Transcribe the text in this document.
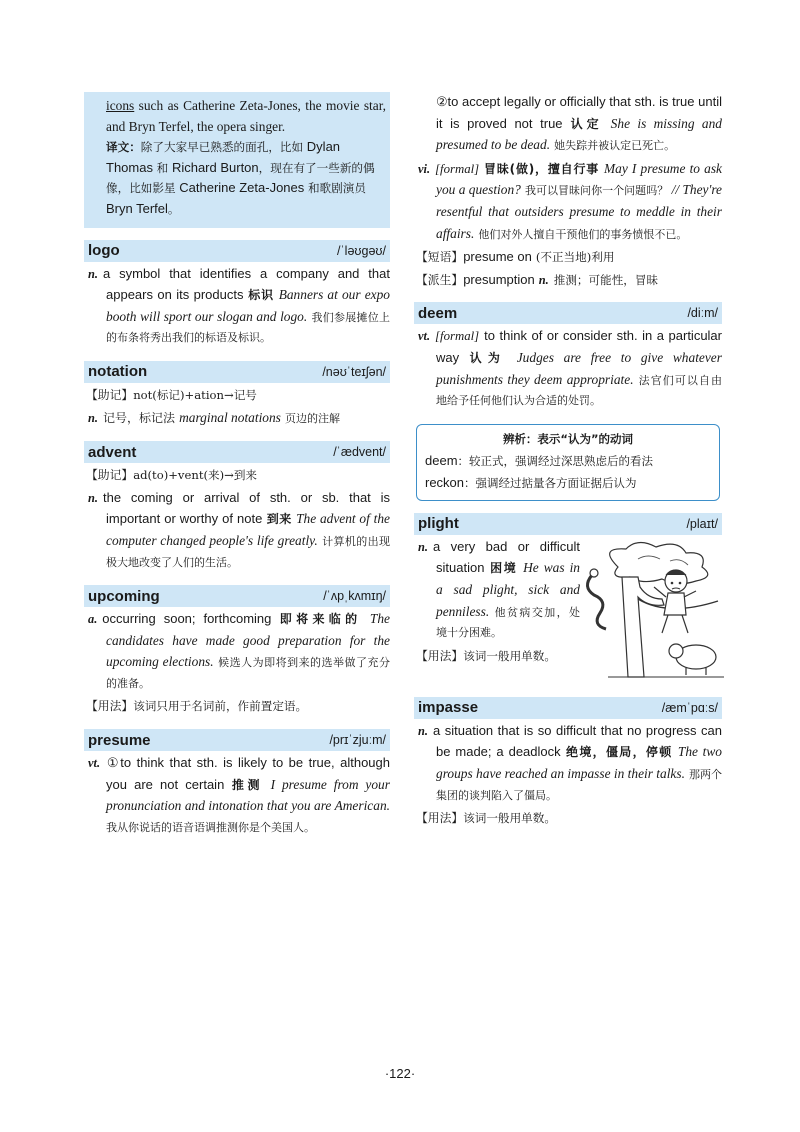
icons such as Catherine Zeta-Jones, the movie star, and Bryn Terfel, the opera singer.
译文：除了大家早已熟悉的面孔，比如 Dylan Thomas 和 Richard Burton，现在有了一些新的偶像，比如影星 Catherine Zeta-Jones 和歌剧演员 Bryn Terfel。
logo	/ˈləʊgəʊ/
n. a symbol that identifies a company and that appears on its products 标识 Banners at our expo booth will sport our slogan and logo. 我们参展摊位上的布条将秀出我们的标语及标识。
notation	/nəʊˈteɪʃən/
【助记】not(标记)+ation→记号
n. 记号，标记法 marginal notations 页边的注解
advent	/ˈædvent/
【助记】ad(to)+vent(来)→到来
n. the coming or arrival of sth. or sb. that is important or worthy of note 到来 The advent of the computer changed people's life greatly. 计算机的出现极大地改变了人们的生活。
upcoming	/ˈʌpˌkʌmɪŋ/
a. occurring soon; forthcoming 即将来临的 The candidates have made good preparation for the upcoming elections. 候选人为即将到来的选举做了充分的准备。
【用法】该词只用于名词前，作前置定语。
presume	/prɪˈzjuːm/
vt. ①to think that sth. is likely to be true, although you are not certain 推测 I presume from your pronunciation and intonation that you are American. 我从你说话的语音语调推测你是个美国人。
②to accept legally or officially that sth. is true until it is proved not true 认定 She is missing and presumed to be dead. 她失踪并被认定已死亡。
vi. [formal] 冒昧(做)，擅自行事 May I presume to ask you a question? 我可以冒昧问你一个问题吗？ // They're resentful that outsiders presume to meddle in their affairs. 他们对外人擅自干预他们的事务愤恨不已。
【短语】presume on (不正当地)利用
【派生】presumption n. 推测；可能性，冒昧
deem	/diːm/
vt. [formal] to think of or consider sth. in a particular way 认为 Judges are free to give whatever punishments they deem appropriate. 法官们可以自由地给予任何他们认为合适的处罚。
辨析：表示“认为”的动词
deem：较正式，强调经过深思熟虑后的看法
reckon：强调经过掂量各方面证据后认为
plight	/plaɪt/
n. a very bad or difficult situation 困境 He was in a sad plight, sick and penniless. 他贫病交加，处境十分困难。
【用法】该词一般用单数。
impasse	/æmˈpɑːs/
n. a situation that is so difficult that no progress can be made; a deadlock 绝境，僵局，停顿 The two groups have reached an impasse in their talks. 那两个集团的谈判陷入了僵局。
【用法】该词一般用单数。
·122·
